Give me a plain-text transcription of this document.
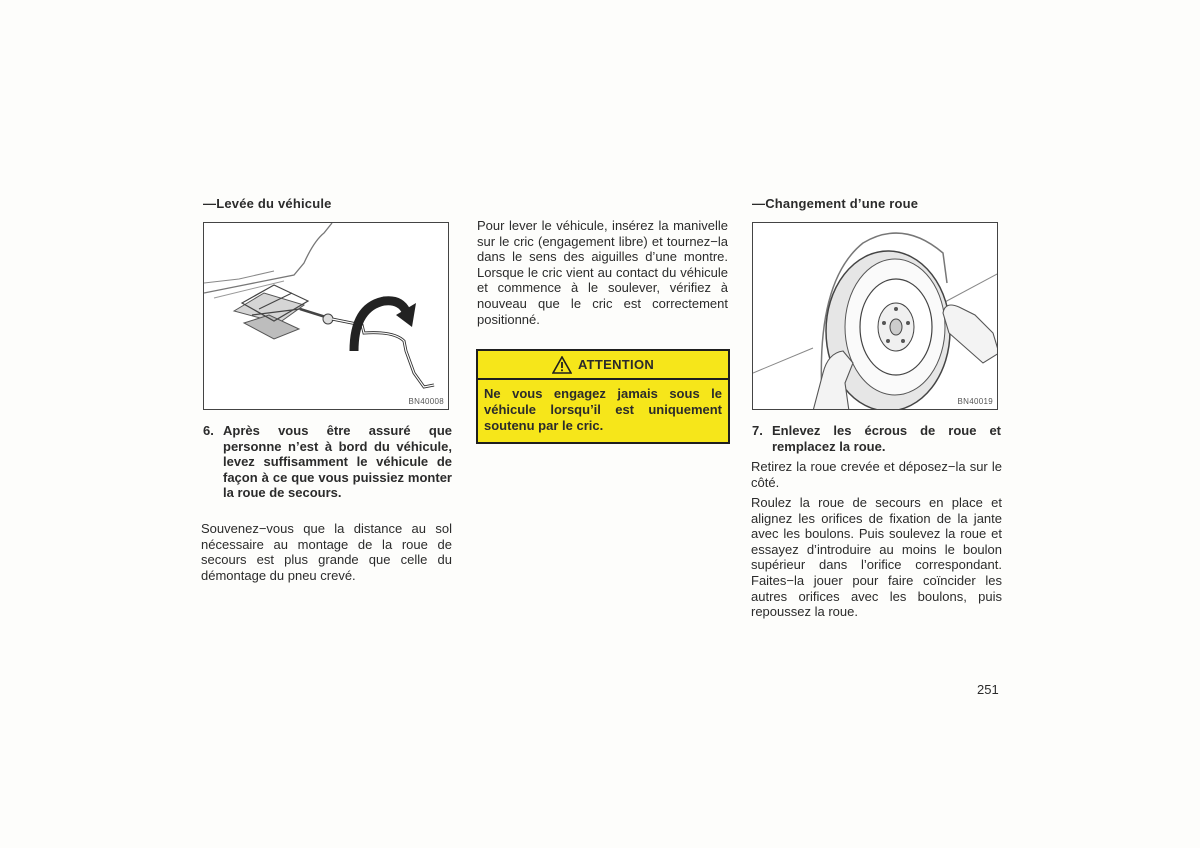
—Levée du véhicule
BN40008
6. Après vous être assuré que personne n’est à bord du véhicule, levez suffisamment le véhicule de façon à ce que vous puissiez monter la roue de secours.
Souvenez−vous que la distance au sol nécessaire au montage de la roue de secours est plus grande que celle du démontage du pneu crevé.
Pour lever le véhicule, insérez la manivelle sur le cric (engagement libre) et tournez−la dans le sens des aiguilles d’une montre. Lorsque le cric vient au contact du véhicule et commence à le soulever, vérifiez à nouveau que le cric est correctement positionné.
ATTENTION
Ne vous engagez jamais sous le véhicule lorsqu’il est uniquement soutenu par le cric.
—Changement d’une roue
BN40019
7. Enlevez les écrous de roue et remplacez la roue.
Retirez la roue crevée et déposez−la sur le côté.
Roulez la roue de secours en place et alignez les orifices de fixation de la jante avec les boulons. Puis soulevez la roue et essayez d’introduire au moins le boulon supérieur dans l’orifice correspondant. Faites−la jouer pour faire coïncider les autres orifices avec les boulons, puis repoussez la roue.
251
